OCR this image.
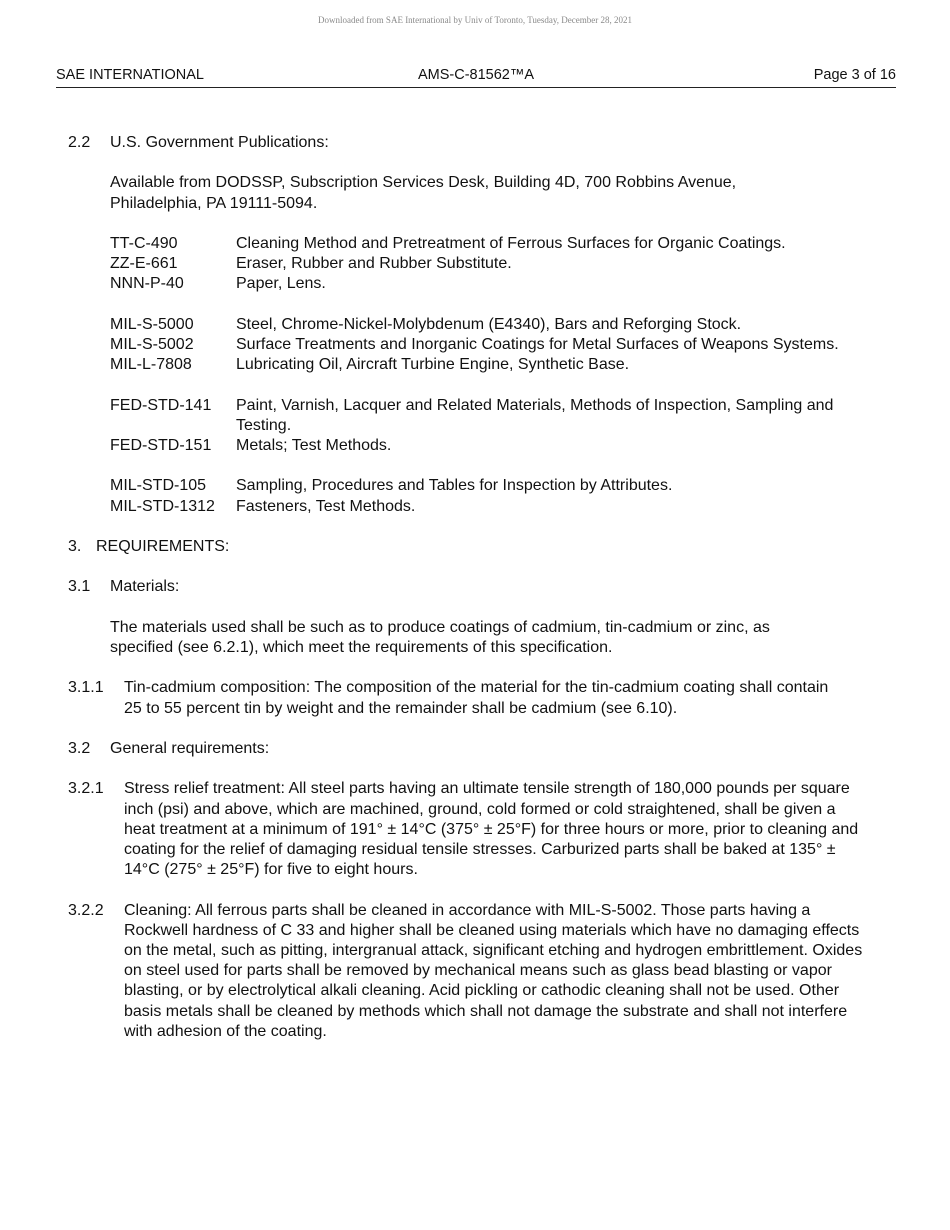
Downloaded from SAE International by Univ of Toronto, Tuesday, December 28, 2021
SAE INTERNATIONAL	AMS-C-81562™A	Page 3 of 16
2.2	U.S. Government Publications:
Available from DODSSP, Subscription Services Desk, Building 4D, 700 Robbins Avenue,
Philadelphia, PA 19111-5094.
TT-C-490	Cleaning Method and Pretreatment of Ferrous Surfaces for Organic Coatings.
ZZ-E-661	Eraser, Rubber and Rubber Substitute.
NNN-P-40	Paper, Lens.
MIL-S-5000	Steel, Chrome-Nickel-Molybdenum (E4340), Bars and Reforging Stock.
MIL-S-5002	Surface Treatments and Inorganic Coatings for Metal Surfaces of Weapons Systems.
MIL-L-7808	Lubricating Oil, Aircraft Turbine Engine, Synthetic Base.
FED-STD-141	Paint, Varnish, Lacquer and Related Materials, Methods of Inspection, Sampling and Testing.
FED-STD-151	Metals; Test Methods.
MIL-STD-105	Sampling, Procedures and Tables for Inspection by Attributes.
MIL-STD-1312	Fasteners, Test Methods.
3. REQUIREMENTS:
3.1	Materials:
The materials used shall be such as to produce coatings of cadmium, tin-cadmium or zinc, as specified (see 6.2.1), which meet the requirements of this specification.
3.1.1	Tin-cadmium composition: The composition of the material for the tin-cadmium coating shall contain 25 to 55 percent tin by weight and the remainder shall be cadmium (see 6.10).
3.2	General requirements:
3.2.1	Stress relief treatment: All steel parts having an ultimate tensile strength of 180,000 pounds per square inch (psi) and above, which are machined, ground, cold formed or cold straightened, shall be given a heat treatment at a minimum of 191° ± 14°C (375° ± 25°F) for three hours or more, prior to cleaning and coating for the relief of damaging residual tensile stresses. Carburized parts shall be baked at 135° ± 14°C (275° ± 25°F) for five to eight hours.
3.2.2	Cleaning: All ferrous parts shall be cleaned in accordance with MIL-S-5002. Those parts having a Rockwell hardness of C 33 and higher shall be cleaned using materials which have no damaging effects on the metal, such as pitting, intergranual attack, significant etching and hydrogen embrittlement. Oxides on steel used for parts shall be removed by mechanical means such as glass bead blasting or vapor blasting, or by electrolytical alkali cleaning. Acid pickling or cathodic cleaning shall not be used. Other basis metals shall be cleaned by methods which shall not damage the substrate and shall not interfere with adhesion of the coating.
